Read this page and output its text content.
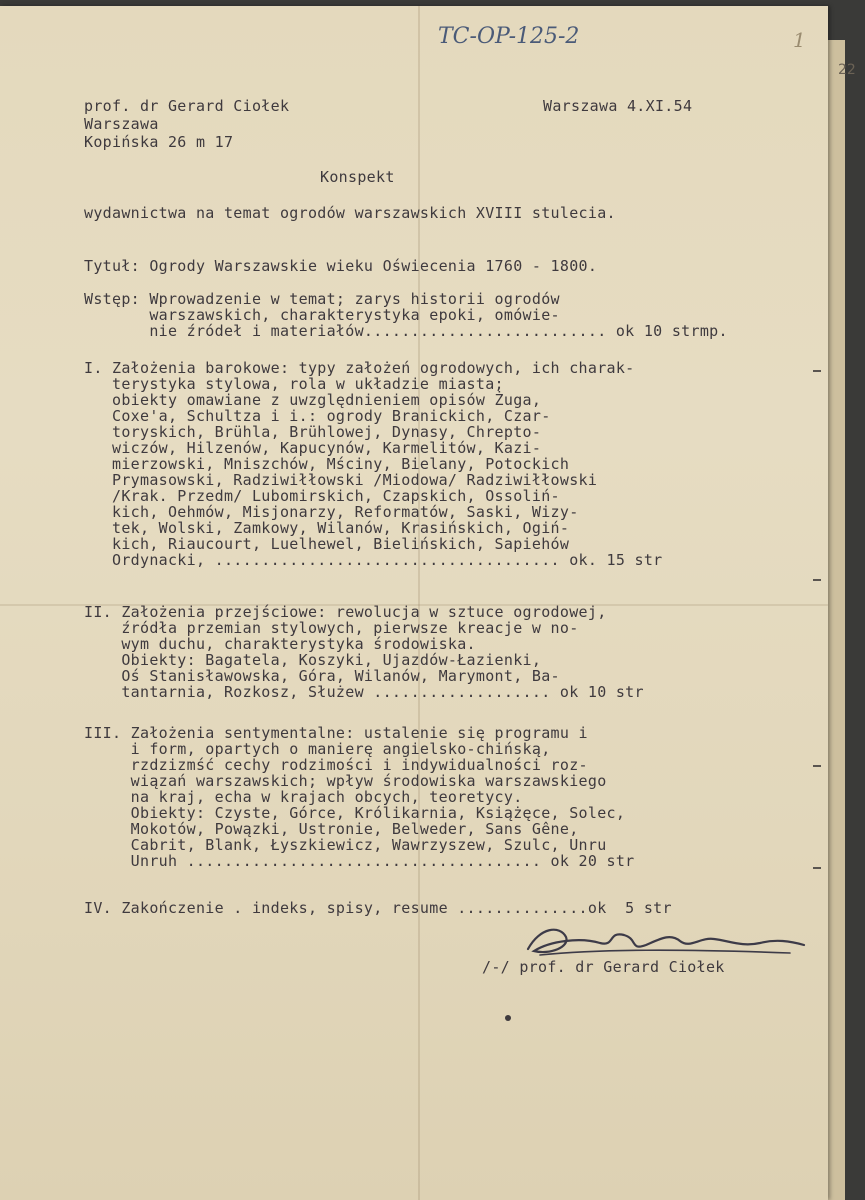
22
TC-OP-125-2	1
prof. dr Gerard Ciołek
Warszawa
Kopińska 26 m 17
Warszawa 4.XI.54
Konspekt
wydawnictwa na temat ogrodów warszawskich XVIII stulecia.
Tytuł: Ogrody Warszawskie wieku Oświecenia 1760 - 1800.
Wstęp: Wprowadzenie w temat; zarys historii ogrodów
warszawskich, charakterystyka epoki, omówie-
nie źródeł i materiałów.......................... ok 10 strmp.
I. Założenia barokowe: typy założeń ogrodowych, ich charak-
terystyka stylowa, rola w układzie miasta;
obiekty omawiane z uwzględnieniem opisów Żuga,
Coxe'a, Schultza i i.: ogrody Branickich, Czar-
toryskich, Brühla, Brühlowej, Dynasy, Chrepto-
wiczów, Hilzenów, Kapucynów, Karmelitów, Kazi-
mierzowski, Mniszchów, Mściny, Bielany, Potockich
Prymasowski, Radziwiłłowski /Miodowa/ Radziwiłłowski
/Krak. Przedm/ Lubomirskich, Czapskich, Ossoliń-
kich, Oehmów, Misjonarzy, Reformatów, Saski, Wizy-
tek, Wolski, Zamkowy, Wilanów, Krasińskich, Ogiń-
kich, Riaucourt, Luelhewel, Bielińskich, Sapiehów
Ordynacki, ..................................... ok. 15 str
II. Założenia przejściowe: rewolucja w sztuce ogrodowej,
źródła przemian stylowych, pierwsze kreacje w no-
wym duchu, charakterystyka środowiska.
Obiekty: Bagatela, Koszyki, Ujazdów-Łazienki,
Oś Stanisławowska, Góra, Wilanów, Marymont, Ba-
tantarnia, Rozkosz, Służew ................... ok 10 str
III. Założenia sentymentalne: ustalenie się programu i
i form, opartych o manierę angielsko-chińską,
rzdzizmść cechy rodzimości i indywidualności roz-
wiązań warszawskich; wpływ środowiska warszawskiego
na kraj, echa w krajach obcych, teoretycy.
Obiekty: Czyste, Górce, Królikarnia, Książęce, Solec,
Mokotów, Powązki, Ustronie, Belweder, Sans Gêne,
Cabrit, Blank, Łyszkiewicz, Wawrzyszew, Szulc, Unru
Unruh ...................................... ok 20 str
IV. Zakończenie . indeks, spisy, resume ..............ok  5 str
/-/ prof. dr Gerard Ciołek
